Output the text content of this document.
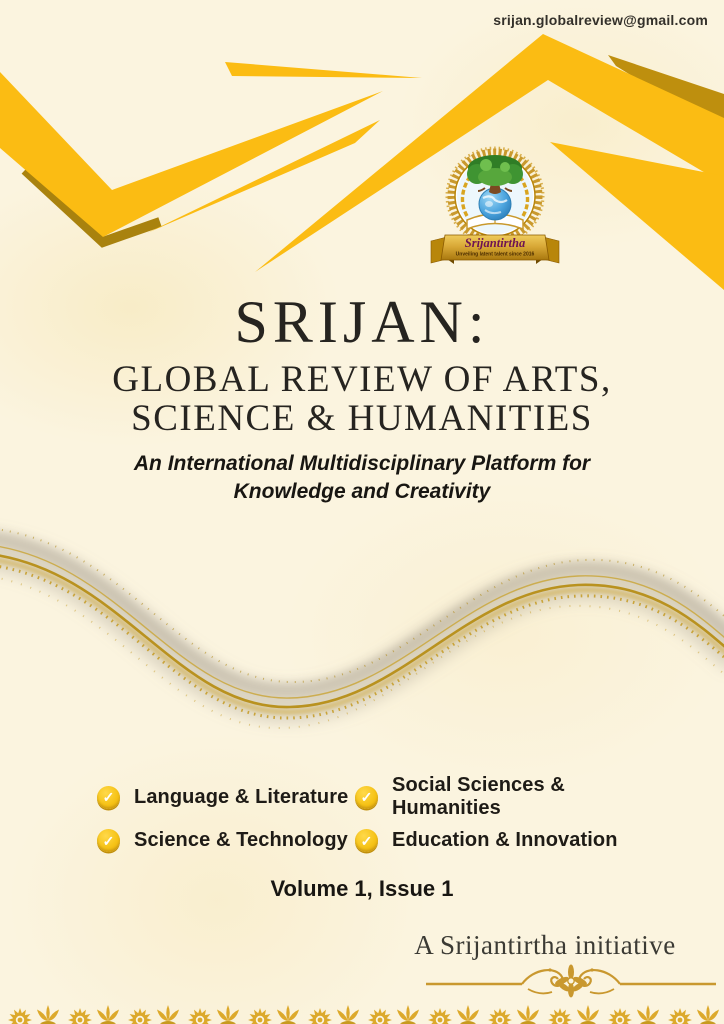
srijan.globalreview@gmail.com
Srijantirtha
Unveiling latent talent since 2016
SRIJAN:
GLOBAL REVIEW OF ARTS,
SCIENCE & HUMANITIES
An International Multidisciplinary Platform for
Knowledge and Creativity
✓ Language & Literature ✓
Social Sciences & Humanities
✓ Science & Technology ✓ Education & Innovation
Volume 1, Issue 1
A Srijantirtha initiative
